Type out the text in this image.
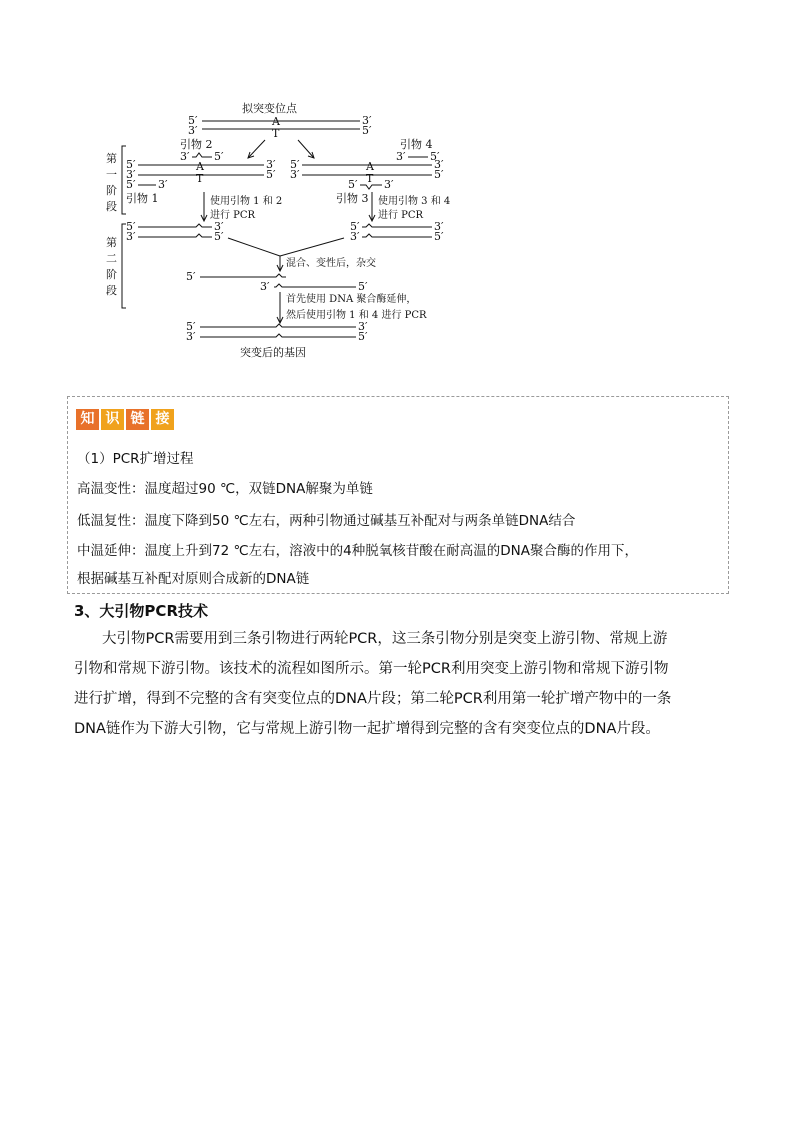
拟突变位点
5′	3′
A
3′	5′
T
第
一
阶
段
引物 2
3′ 5′
5′	3′
A
3′	5′
T
5′ 3′
引物 1
引物 4
3′ 5′
5′	3′
A
3′	5′
T
5′ 3′
引物 3
使用引物 1 和 2
进行 PCR
使用引物 3 和 4
进行 PCR
第
二
阶
段
5′	3′
3′	5′
5′	3′
3′	5′
混合、变性后，杂交
5′
3′	5′
首先使用 DNA 聚合酶延伸，
然后使用引物 1 和 4 进行 PCR
5′	3′
3′	5′
突变后的基因
知 识 链 接
（1）PCR扩增过程
高温变性：温度超过90 ℃，双链DNA解聚为单链
低温复性：温度下降到50 ℃左右，两种引物通过碱基互补配对与两条单链DNA结合
中温延伸：温度上升到72 ℃左右，溶液中的4种脱氧核苷酸在耐高温的DNA聚合酶的作用下，
根据碱基互补配对原则合成新的DNA链
3、大引物PCR技术
大引物PCR需要用到三条引物进行两轮PCR，这三条引物分别是突变上游引物、常规上游
引物和常规下游引物。该技术的流程如图所示。第一轮PCR利用突变上游引物和常规下游引物
进行扩增，得到不完整的含有突变位点的DNA片段；第二轮PCR利用第一轮扩增产物中的一条
DNA链作为下游大引物，它与常规上游引物一起扩增得到完整的含有突变位点的DNA片段。
